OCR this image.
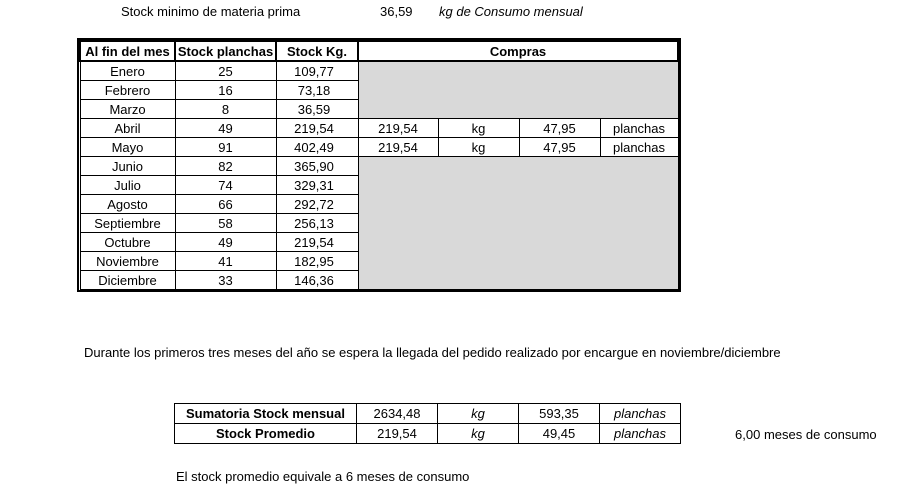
Stock minimo de materia prima	36,59 kg de Consumo mensual
Al fin del mes	Stock planchas	Stock Kg.	Compras			
Enero	25	109,77				
Febrero	16	73,18				
Marzo	8	36,59				
Abril	49	219,54	219,54	kg	47,95	planchas
Mayo	91	402,49	219,54	kg	47,95	planchas
Junio	82	365,90				
Julio	74	329,31				
Agosto	66	292,72				
Septiembre	58	256,13				
Octubre	49	219,54				
Noviembre	41	182,95				
Diciembre	33	146,36				
Durante los primeros tres meses del año se espera la llegada del pedido realizado por encargue en noviembre/diciembre
Sumatoria Stock mensual	2634,48	kg	593,35	planchas
Stock Promedio	219,54	kg	49,45	planchas	6,00 meses de consumo
El stock promedio equivale a 6 meses de consumo
